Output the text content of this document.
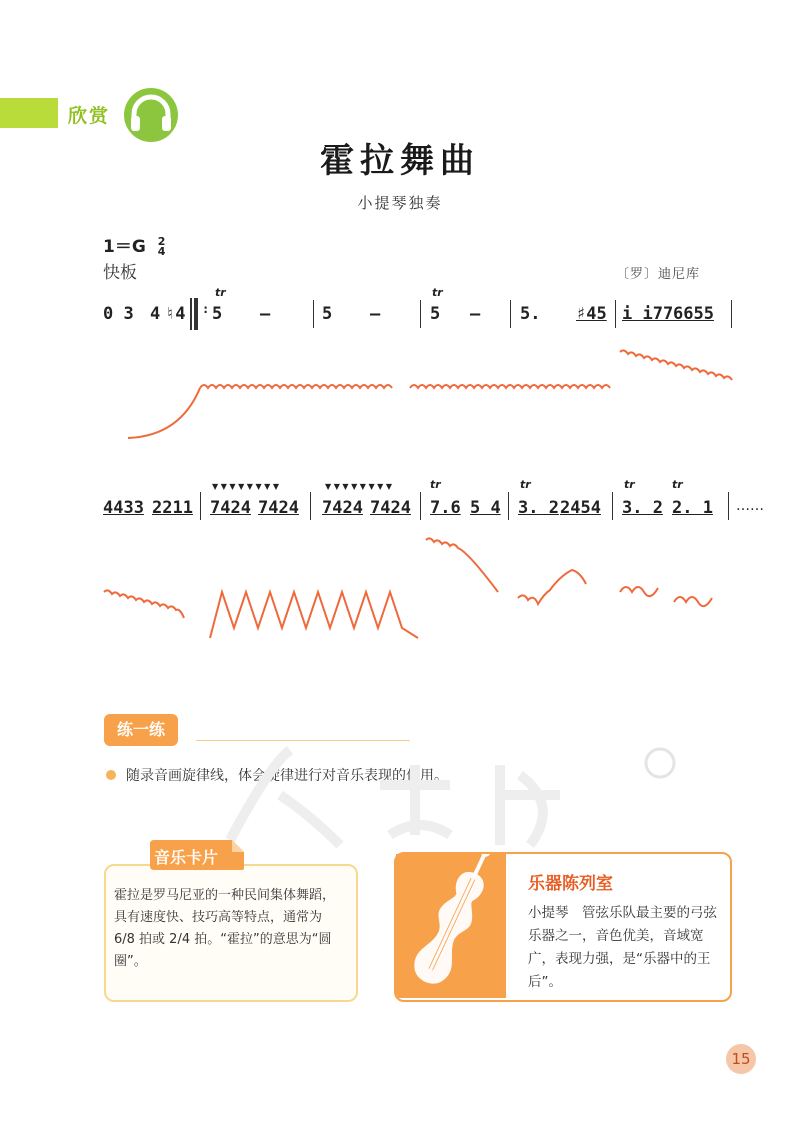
欣赏
霍拉舞曲
小提琴独奏
1＝G 2
4
快板	〔罗〕迪尼库
0 3 4 ♮4 :
tr
5 –	5 –
tr
5 – 5. ♯45 i i77 6655
4433 2211
▼ ▼ ▼ ▼ ▼ ▼ ▼ ▼
7424 7424
▼ ▼ ▼ ▼ ▼ ▼ ▼ ▼
7424 7424
tr
7.6 5 4
tr
3. 2 2454
tr
3. 2
tr
2. 1 ……
练一练
随录音画旋律线，体会旋律进行对音乐表现的作用。
音乐卡片
霍拉是罗马尼亚的一种民间集体舞蹈，具有速度快、技巧高等特点，通常为 6/8 拍或 2/4 拍。“霍拉”的意思为“圆圈”。
乐器陈列室
小提琴　管弦乐队最主要的弓弦乐器之一，音色优美，音域宽广，表现力强，是“乐器中的王后”。
15
